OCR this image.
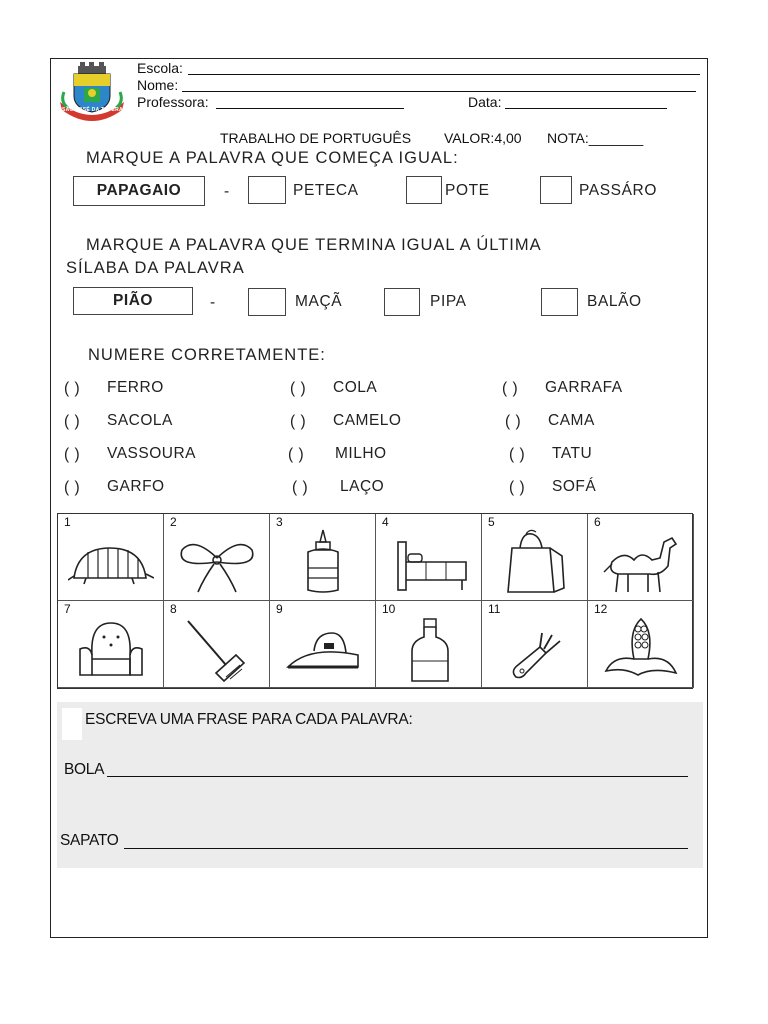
SÃO JOSÉ DA TAPERA
Escola:
Nome:
Professora:	Data:
TRABALHO DE PORTUGUÊS VALOR:4,00 NOTA:_______
MARQUE A PALAVRA QUE COMEÇA IGUAL:
PAPAGAIO	-	PETECA	POTE	PASSÁRO
MARQUE A PALAVRA QUE TERMINA IGUAL A ÚLTIMA
SÍLABA DA PALAVRA
PIÃO	-	MAÇÃ	PIPA	BALÃO
NUMERE CORRETAMENTE:
( ) FERRO	( ) COLA	( ) GARRAFA
( ) SACOLA	( ) CAMELO	( ) CAMA
( ) VASSOURA	( ) MILHO	( ) TATU
( ) GARFO	( ) LAÇO	( ) SOFÁ
1	2	3	4	5	6
7	8	9	10	11	12
ESCREVA UMA FRASE PARA CADA PALAVRA:
BOLA
SAPATO
